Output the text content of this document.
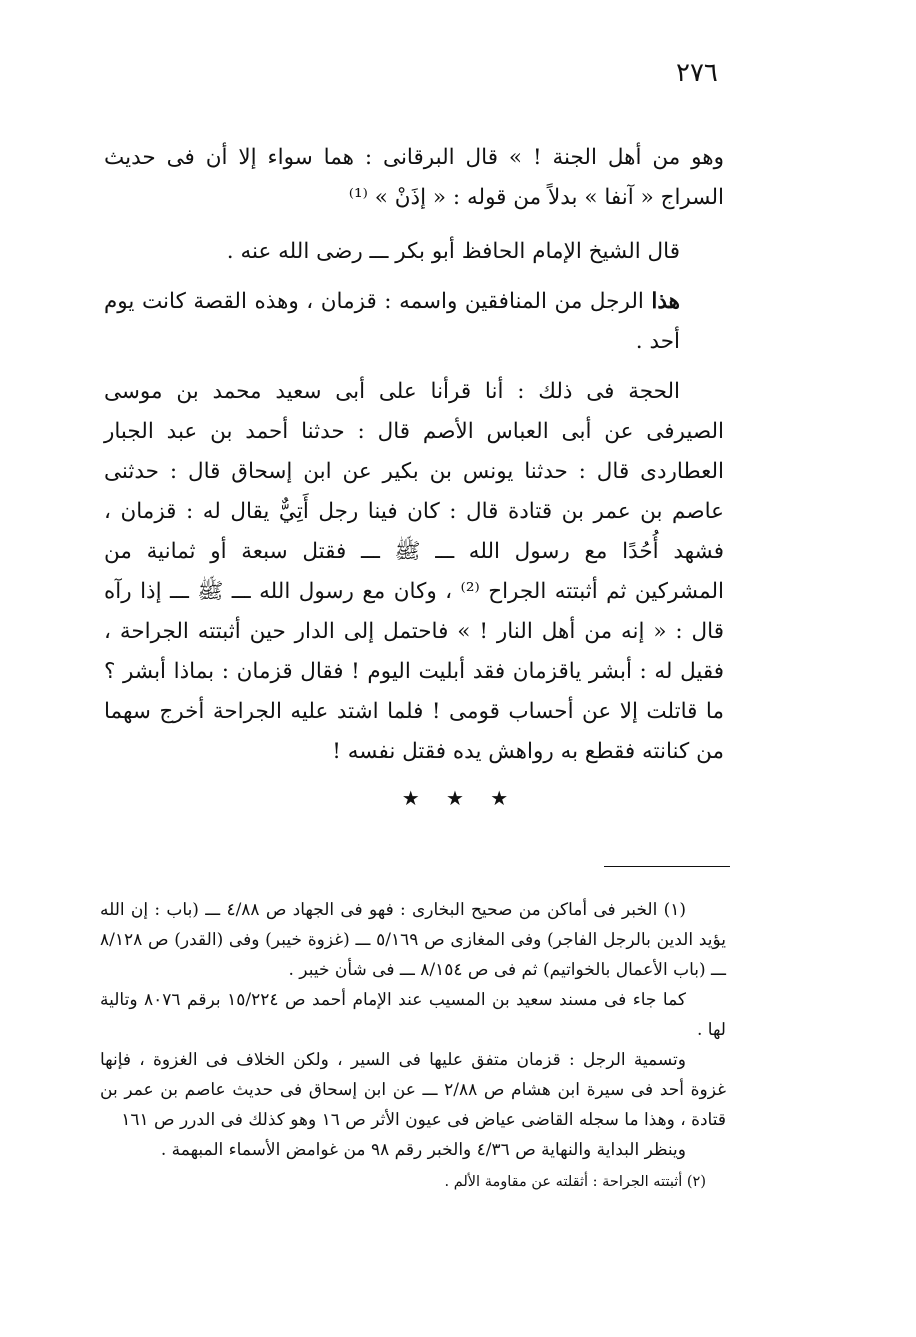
٢٧٦

وهو من أهل الجنة ! » قال البرقانى : هما سواء إلا أن فى حديث السراج « آنفا » بدلاً من قوله : « إذَنْ » ⁽¹⁾

قال الشيخ الإمام الحافظ أبو بكر ـــ رضى الله عنه .

هذا الرجل من المنافقين واسمه : قزمان ، وهذه القصة كانت يوم أحد .

الحجة فى ذلك : أنا قرأنا على أبى سعيد محمد بن موسى الصيرفى عن أبى العباس الأصم قال : حدثنا أحمد بن عبد الجبار العطاردى قال : حدثنا يونس بن بكير عن ابن إسحاق قال : حدثنى عاصم بن عمر بن قتادة قال : كان فينا رجل أَتِيٌّ يقال له : قزمان ، فشهد أُحُدًا مع رسول الله ـــ ﷺ ـــ فقتل سبعة أو ثمانية من المشركين ثم أثبتته الجراح ⁽²⁾ ، وكان مع رسول الله ـــ ﷺ ـــ إذا رآه قال : « إنه من أهل النار ! » فاحتمل إلى الدار حين أثبتته الجراحة ، فقيل له : أبشر ياقزمان فقد أبليت اليوم ! فقال قزمان : بماذا أبشر ؟ ما قاتلت إلا عن أحساب قومى ! فلما اشتد عليه الجراحة أخرج سهما من كنانته فقطع به رواهش يده فقتل نفسه !

★ ★ ★

(١) الخبر فى أماكن من صحيح البخارى : فهو فى الجهاد ص ٤/٨٨ ـــ (باب : إن الله يؤيد الدين بالرجل الفاجر) وفى المغازى ص ٥/١٦٩ ـــ (غزوة خيبر) وفى (القدر) ص ٨/١٢٨ ـــ (باب الأعمال بالخواتيم) ثم فى ص ٨/١٥٤ ـــ فى شأن خيبر .

كما جاء فى مسند سعيد بن المسيب عند الإمام أحمد ص ١٥/٢٢٤ برقم ٨٠٧٦ وتالية لها .

وتسمية الرجل : قزمان متفق عليها فى السير ، ولكن الخلاف فى الغزوة ، فإنها غزوة أحد فى سيرة ابن هشام ص ٢/٨٨ ـــ عن ابن إسحاق فى حديث عاصم بن عمر بن قتادة ، وهذا ما سجله القاضى عياض فى عيون الأثر ص ١٦ وهو كذلك فى الدرر ص ١٦١

وينظر البداية والنهاية ص ٤/٣٦ والخبر رقم ٩٨ من غوامض الأسماء المبهمة .

(٢) أثبتته الجراحة : أثقلته عن مقاومة الألم .
